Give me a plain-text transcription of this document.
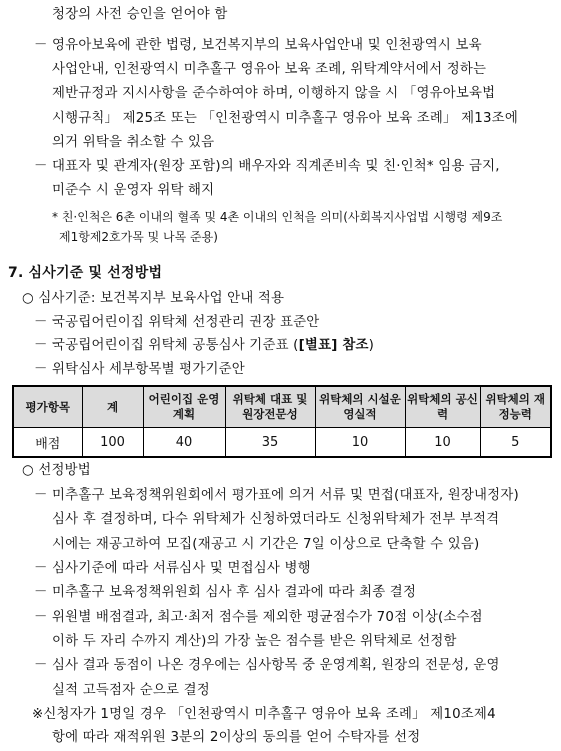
청장의 사전 승인을 얻어야 함
－ 영유아보육에 관한 법령, 보건복지부의 보육사업안내 및 인천광역시 보육
사업안내, 인천광역시 미추홀구 영유아 보육 조례, 위탁계약서에서 정하는
제반규정과 지시사항을 준수하여야 하며, 이행하지 않을 시 「영유아보육법
시행규칙」 제25조 또는 「인천광역시 미추홀구 영유아 보육 조례」 제13조에
의거 위탁을 취소할 수 있음
－ 대표자 및 관계자(원장 포함)의 배우자와 직계존비속 및 친·인척* 임용 금지,
미준수 시 운영자 위탁 해지
* 친·인척은 6촌 이내의 혈족 및 4촌 이내의 인척을 의미(사회복지사업법 시행령 제9조
제1항제2호가목 및 나목 준용)
7. 심사기준 및 선정방법
○ 심사기준: 보건복지부 보육사업 안내 적용
－ 국공립어린이집 위탁체 선정관리 권장 표준안
－ 국공립어린이집 위탁체 공통심사 기준표 ([별표] 참조)
－ 위탁심사 세부항목별 평가기준안
평가항목	계	어린이집 운영계획	위탁체 대표 및 원장전문성	위탁체의 시설운영실적	위탁체의 공신력	위탁체의 재정능력
배점	100	40	35	10	10	5
○ 선정방법
－ 미추홀구 보육정책위원회에서 평가표에 의거 서류 및 면접(대표자, 원장내정자)
심사 후 결정하며, 다수 위탁체가 신청하였더라도 신청위탁체가 전부 부적격
시에는 재공고하여 모집(재공고 시 기간은 7일 이상으로 단축할 수 있음)
－ 심사기준에 따라 서류심사 및 면접심사 병행
－ 미추홀구 보육정책위원회 심사 후 심사 결과에 따라 최종 결정
－ 위원별 배점결과, 최고·최저 점수를 제외한 평균점수가 70점 이상(소수점
이하 두 자리 수까지 계산)의 가장 높은 점수를 받은 위탁체로 선정함
－ 심사 결과 동점이 나온 경우에는 심사항목 중 운영계획, 원장의 전문성, 운영
실적 고득점자 순으로 결정
※신청자가 1명일 경우 「인천광역시 미추홀구 영유아 보육 조례」 제10조제4
항에 따라 재적위원 3분의 2이상의 동의를 얻어 수탁자를 선정
